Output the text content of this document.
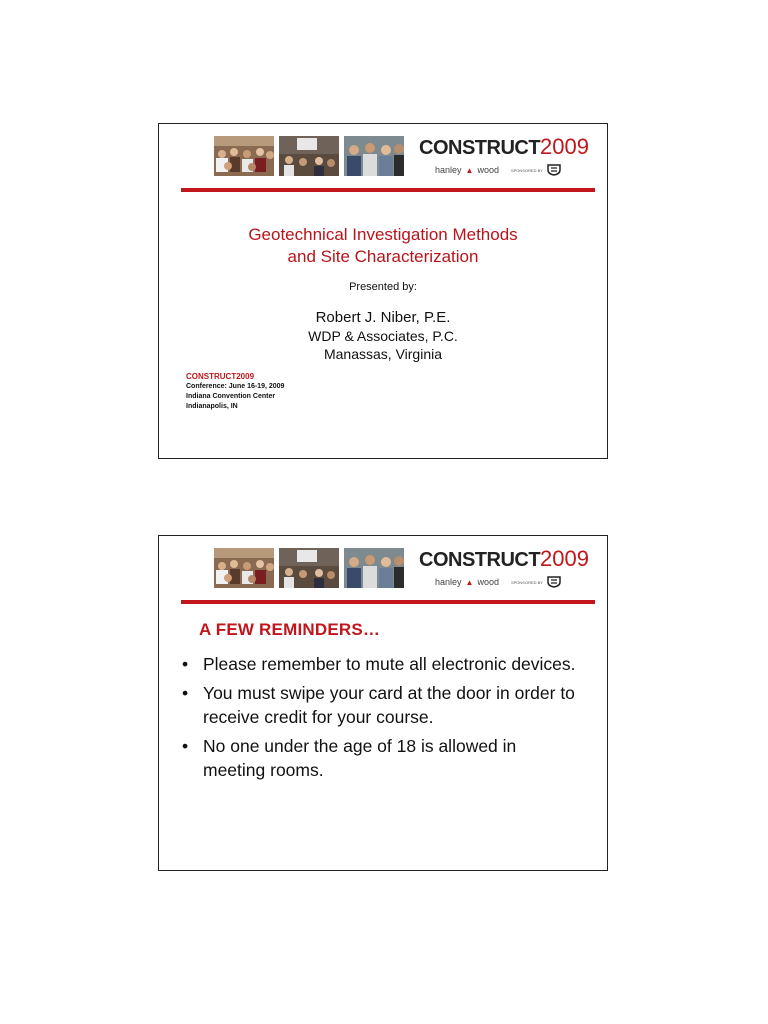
CONSTRUCT2009
hanley ▲ wood	SPONSORED BY
Geotechnical Investigation Methods
and Site Characterization
Presented by:
Robert J. Niber, P.E.
WDP & Associates, P.C.
Manassas, Virginia
CONSTRUCT2009
Conference: June 16-19, 2009
Indiana Convention Center
Indianapolis, IN
CONSTRUCT2009
hanley ▲ wood	SPONSORED BY
A FEW REMINDERS…
• Please remember to mute all electronic devices.
• You must swipe your card at the door in order to receive credit for your course.
• No one under the age of 18 is allowed in meeting rooms.
